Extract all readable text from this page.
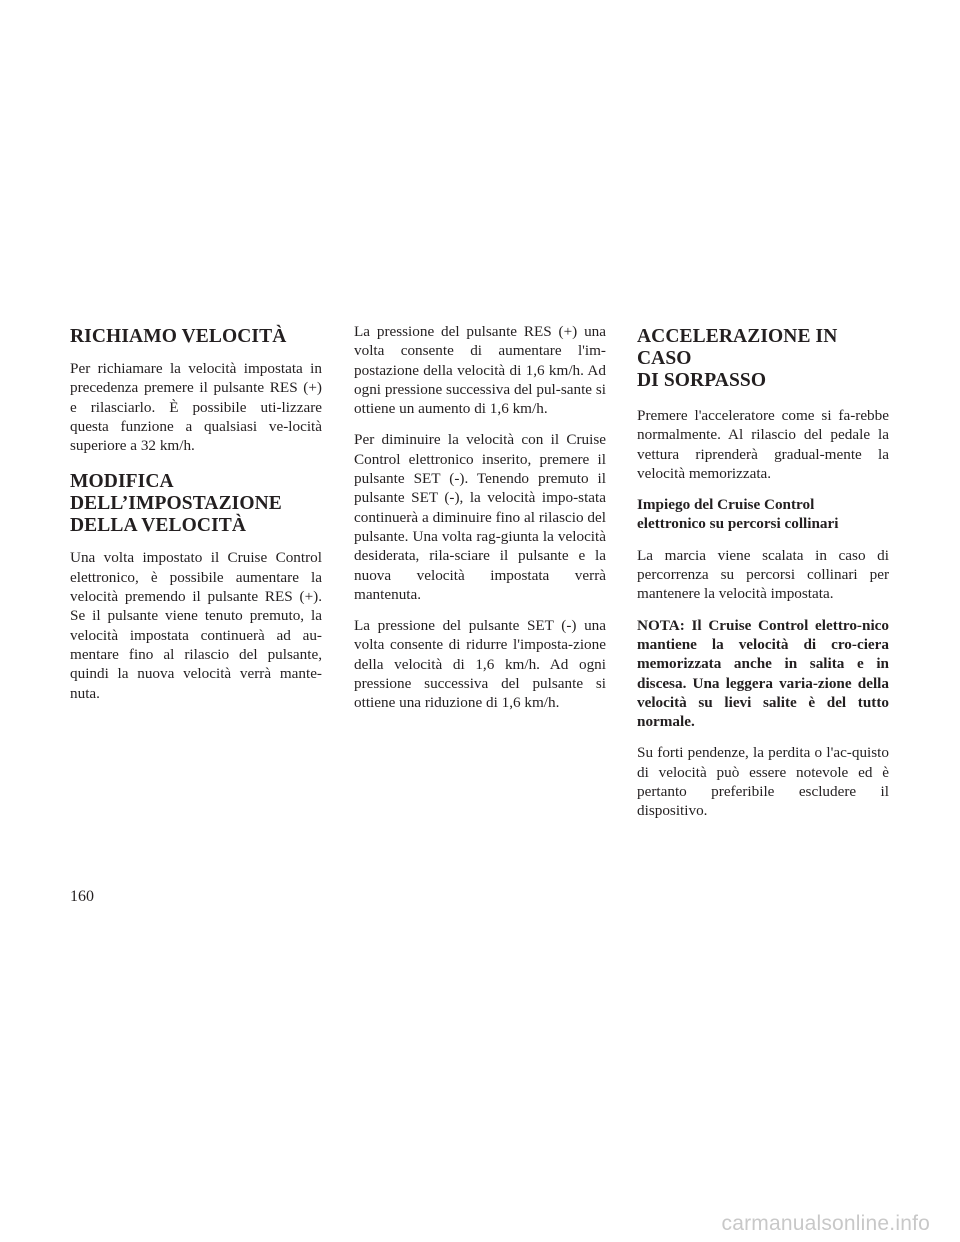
RICHIAMO VELOCITÀ

Per richiamare la velocità impostata in precedenza premere il pulsante RES (+) e rilasciarlo. È possibile uti-lizzare questa funzione a qualsiasi ve-locità superiore a 32 km/h.

MODIFICA
DELL’IMPOSTAZIONE
DELLA VELOCITÀ

Una volta impostato il Cruise Control elettronico, è possibile aumentare la velocità premendo il pulsante RES (+). Se il pulsante viene tenuto premuto, la velocità impostata continuerà ad au-mentare fino al rilascio del pulsante, quindi la nuova velocità verrà mante-nuta.

La pressione del pulsante RES (+) una volta consente di aumentare l'im-postazione della velocità di 1,6 km/h. Ad ogni pressione successiva del pul-sante si ottiene un aumento di 1,6 km/h.

Per diminuire la velocità con il Cruise Control elettronico inserito, premere il pulsante SET (-). Tenendo premuto il pulsante SET (-), la velocità impo-stata continuerà a diminuire fino al rilascio del pulsante. Una volta rag-giunta la velocità desiderata, rila-sciare il pulsante e la nuova velocità impostata verrà mantenuta.

La pressione del pulsante SET (-) una volta consente di ridurre l'imposta-zione della velocità di 1,6 km/h. Ad ogni pressione successiva del pulsante si ottiene una riduzione di 1,6 km/h.

ACCELERAZIONE IN CASO
DI SORPASSO

Premere l'acceleratore come si fa-rebbe normalmente. Al rilascio del pedale la vettura riprenderà gradual-mente la velocità memorizzata.

Impiego del Cruise Control
elettronico su percorsi collinari

La marcia viene scalata in caso di percorrenza su percorsi collinari per mantenere la velocità impostata.

NOTA: Il Cruise Control elettro-nico mantiene la velocità di cro-ciera memorizzata anche in salita e in discesa. Una leggera varia-zione della velocità su lievi salite è del tutto normale.

Su forti pendenze, la perdita o l'ac-quisto di velocità può essere notevole ed è pertanto preferibile escludere il dispositivo.

160
carmanualsonline.info
